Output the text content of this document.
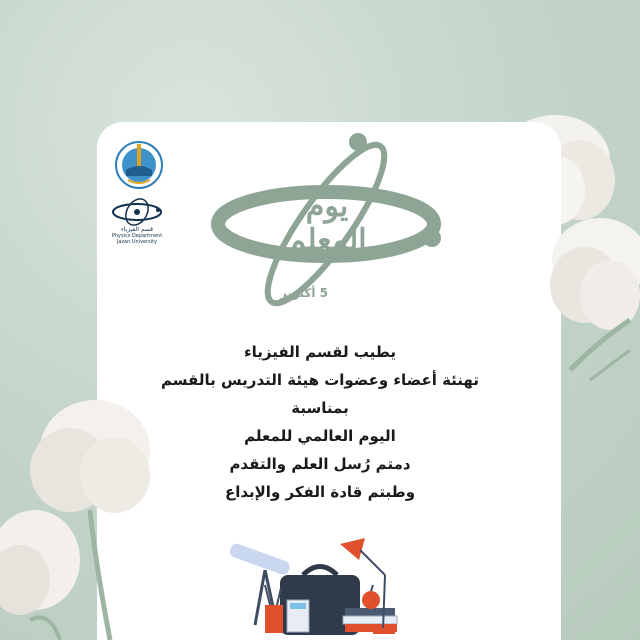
قسم الفيزياء
Physics Department
Jazan University
يوم
المعلم
5 أكتوبر
يطيب لقسم الفيزياء
تهنئة أعضاء وعضوات هيئة التدريس بالقسم
بمناسبة
اليوم العالمي للمعلم
دمتم رُسل العلم والتقدم
وطبتم قادة الفكر والإبداع
